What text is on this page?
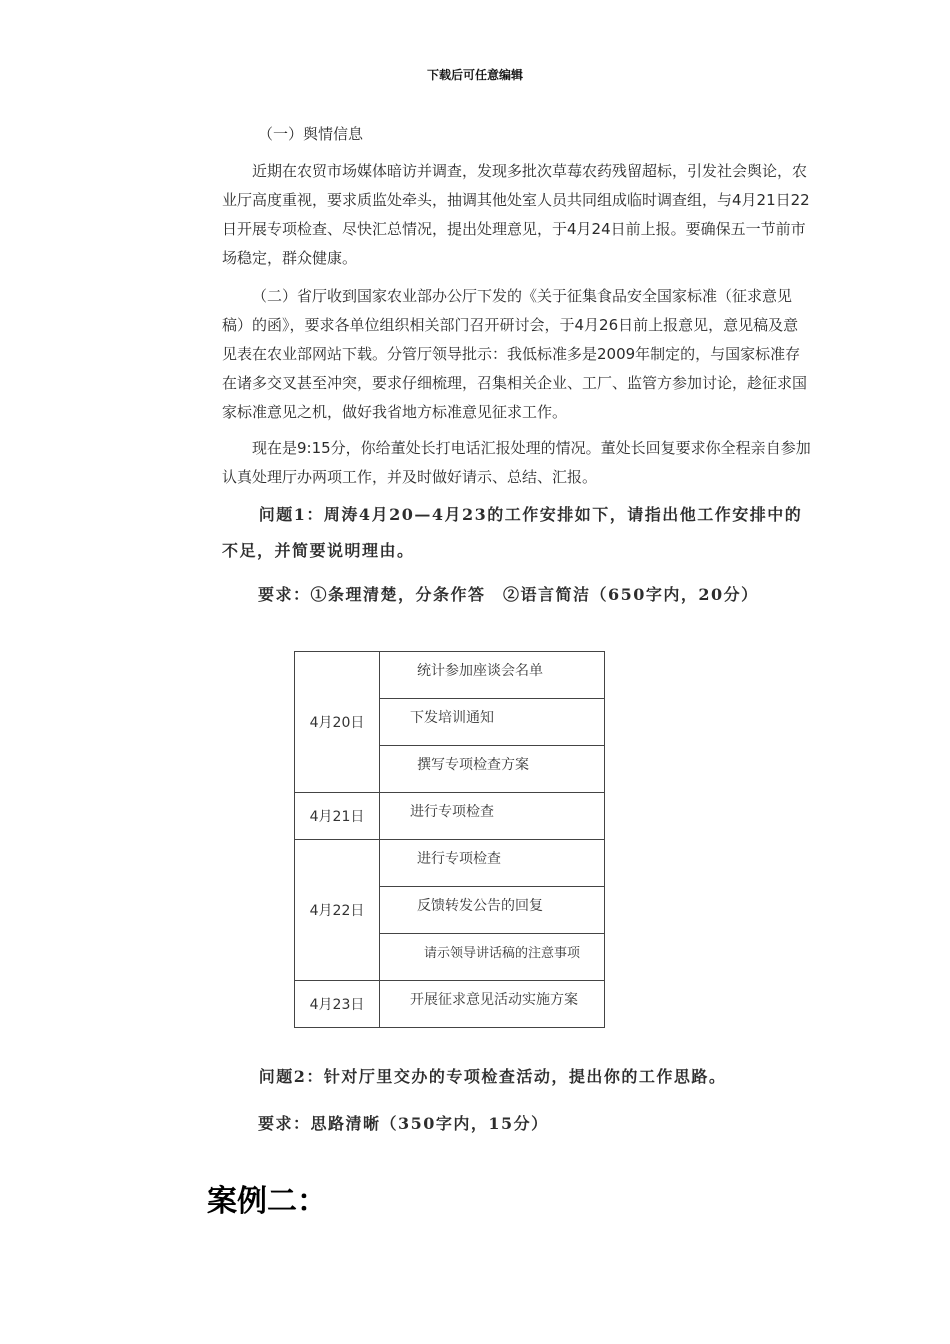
下载后可任意编辑
（一）舆情信息

近期在农贸市场媒体暗访并调查，发现多批次草莓农药残留超标，引发社会舆论，农业厅高度重视，要求质监处牵头，抽调其他处室人员共同组成临时调查组，与4月21日22日开展专项检查、尽快汇总情况，提出处理意见，于4月24日前上报。要确保五一节前市场稳定，群众健康。

（二）省厅收到国家农业部办公厅下发的《关于征集食品安全国家标准（征求意见稿）的函》，要求各单位组织相关部门召开研讨会，于4月26日前上报意见，意见稿及意见表在农业部网站下载。分管厅领导批示：我低标准多是2009年制定的，与国家标准存在诸多交叉甚至冲突，要求仔细梳理，召集相关企业、工厂、监管方参加讨论，趁征求国家标准意见之机，做好我省地方标准意见征求工作。

现在是9:15分，你给董处长打电话汇报处理的情况。董处长回复要求你全程亲自参加认真处理厅办两项工作，并及时做好请示、总结、汇报。

问题1：周涛4月20—4月23的工作安排如下，请指出他工作安排中的不足，并简要说明理由。

要求：①条理清楚，分条作答　②语言简洁（650字内，20分）
4月20日	统计参加座谈会名单

	下发培训通知

	撰写专项检查方案

4月21日	进行专项检查

4月22日	进行专项检查

	反馈转发公告的回复

	请示领导讲话稿的注意事项

4月23日	开展征求意见活动实施方案

问题2：针对厅里交办的专项检查活动，提出你的工作思路。

要求：思路清晰（350字内，15分）
案例二：
